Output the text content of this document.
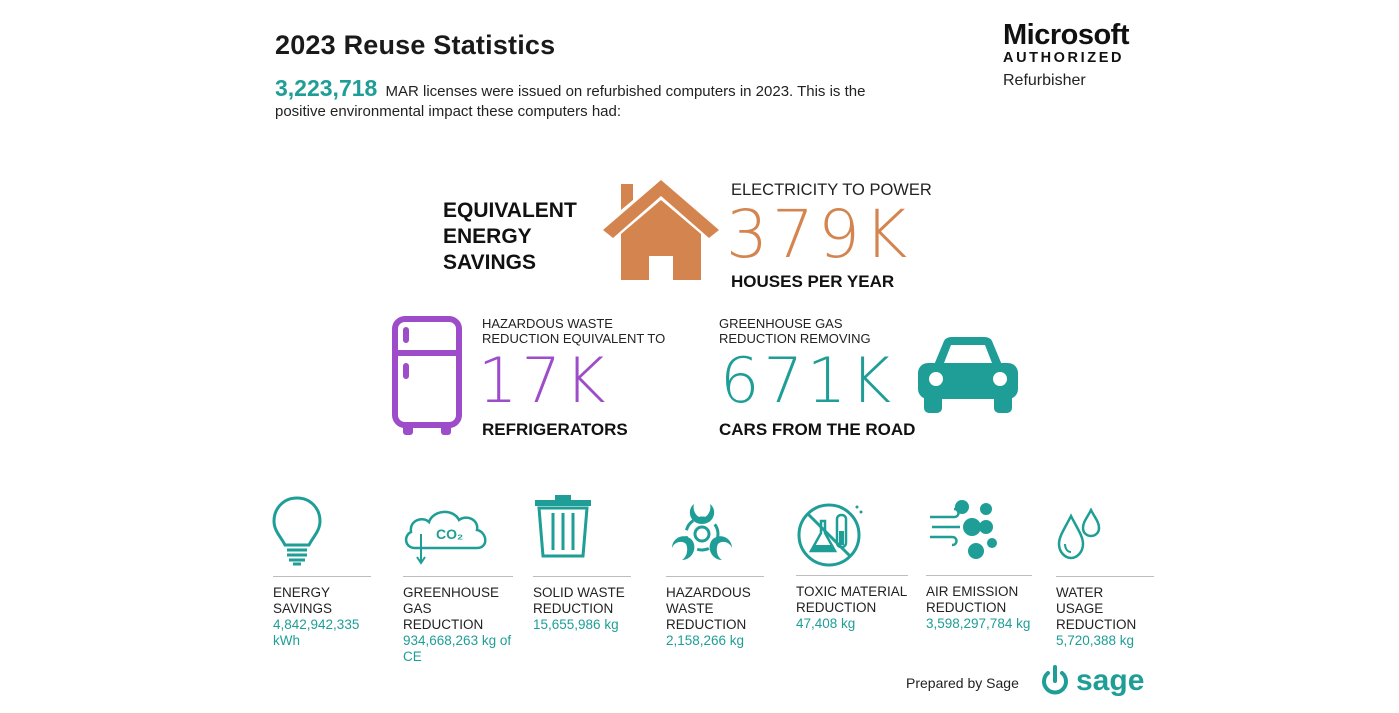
2023 Reuse Statistics
3,223,718 MAR licenses were issued on refurbished computers in 2023. This is the positive environmental impact these computers had:
Microsoft
AUTHORIZED
Refurbisher
EQUIVALENT
ENERGY
SAVINGS
ELECTRICITY TO POWER
379K
HOUSES PER YEAR
HAZARDOUS WASTE
REDUCTION EQUIVALENT TO
17K
REFRIGERATORS
GREENHOUSE GAS
REDUCTION REMOVING
671K
CARS FROM THE ROAD
CO₂
ENERGY SAVINGS
4,842,942,335 kWh
GREENHOUSE GAS REDUCTION
934,668,263 kg of CE
SOLID WASTE REDUCTION
15,655,986 kg
HAZARDOUS WASTE REDUCTION
2,158,266 kg
TOXIC MATERIAL REDUCTION
47,408 kg
AIR EMISSION REDUCTION
3,598,297,784 kg
WATER USAGE REDUCTION
5,720,388 kg
Prepared by Sage sage
